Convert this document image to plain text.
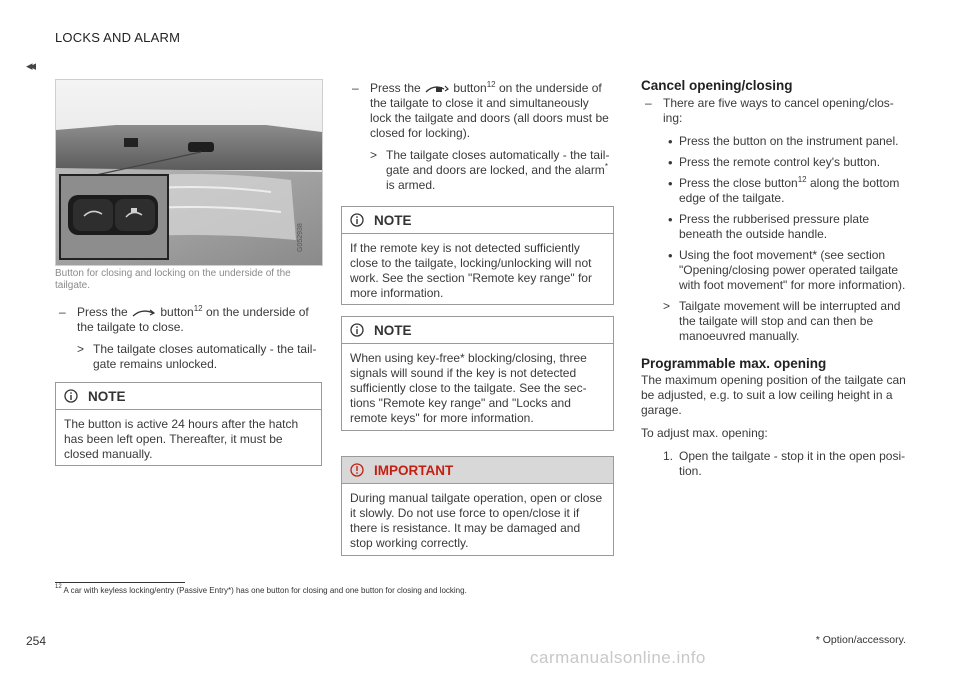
LOCKS AND ALARM
◂◂
G052938
Button for closing and locking on the underside of the tailgate.

– Press the  button$^{12}$ on the underside of the tailgate to close.

> The tailgate closes automatically - the tailgate remains unlocked.

NOTE
The button is active 24 hours after the hatch has been left open. Thereafter, it must be closed manually.

– Press the  button$^{12}$ on the underside of the tailgate to close it and simultaneously lock the tailgate and doors (all doors must be closed for locking).

> The tailgate closes automatically - the tailgate and doors are locked, and the alarm* is armed.

NOTE
If the remote key is not detected sufficiently close to the tailgate, locking/unlocking will not work. See the section "Remote key range" for more information.
NOTE
When using key-free* blocking/closing, three signals will sound if the key is not detected sufficiently close to the tailgate. See the sections "Remote key range" and "Locks and remote keys" for more information.
IMPORTANT
During manual tailgate operation, open or close it slowly. Do not use force to open/close it if there is resistance. It may be damaged and stop working correctly.
Cancel opening/closing

– There are five ways to cancel opening/closing:

• Press the button on the instrument panel.

• Press the remote control key's button.

• Press the close button$^{12}$ along the bottom edge of the tailgate.

• Press the rubberised pressure plate beneath the outside handle.

• Using the foot movement* (see section "Opening/closing power operated tailgate with foot movement" for more information).

> Tailgate movement will be interrupted and the tailgate will stop and can then be manoeuvred manually.

Programmable max. opening

The maximum opening position of the tailgate can be adjusted, e.g. to suit a low ceiling height in a garage.

To adjust max. opening:

1. Open the tailgate - stop it in the open position.

$^{12}$ A car with keyless locking/entry (Passive Entry*) has one button for closing and one button for closing and locking.
254	* Option/accessory.
carmanualsonline.info
